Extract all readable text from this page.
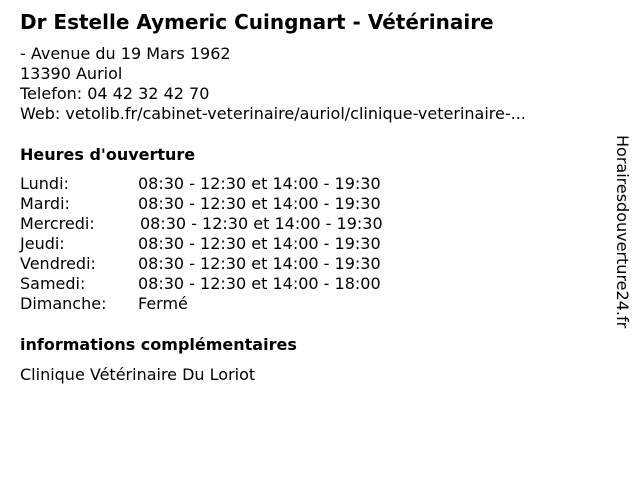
Dr Estelle Aymeric Cuingnart - Vétérinaire
- Avenue du 19 Mars 1962
13390 Auriol
Telefon: 04 42 32 42 70
Web: vetolib.fr/cabinet-veterinaire/auriol/clinique-veterinaire-...
Heures d'ouverture
Lundi:	08:30 - 12:30 et 14:00 - 19:30
Mardi:	08:30 - 12:30 et 14:00 - 19:30
Mercredi:	08:30 - 12:30 et 14:00 - 19:30
Jeudi:	08:30 - 12:30 et 14:00 - 19:30
Vendredi:	08:30 - 12:30 et 14:00 - 19:30
Samedi:	08:30 - 12:30 et 14:00 - 18:00
Dimanche: Fermé
informations complémentaires
Clinique Vétérinaire Du Loriot
Horairesdouverture24.fr
